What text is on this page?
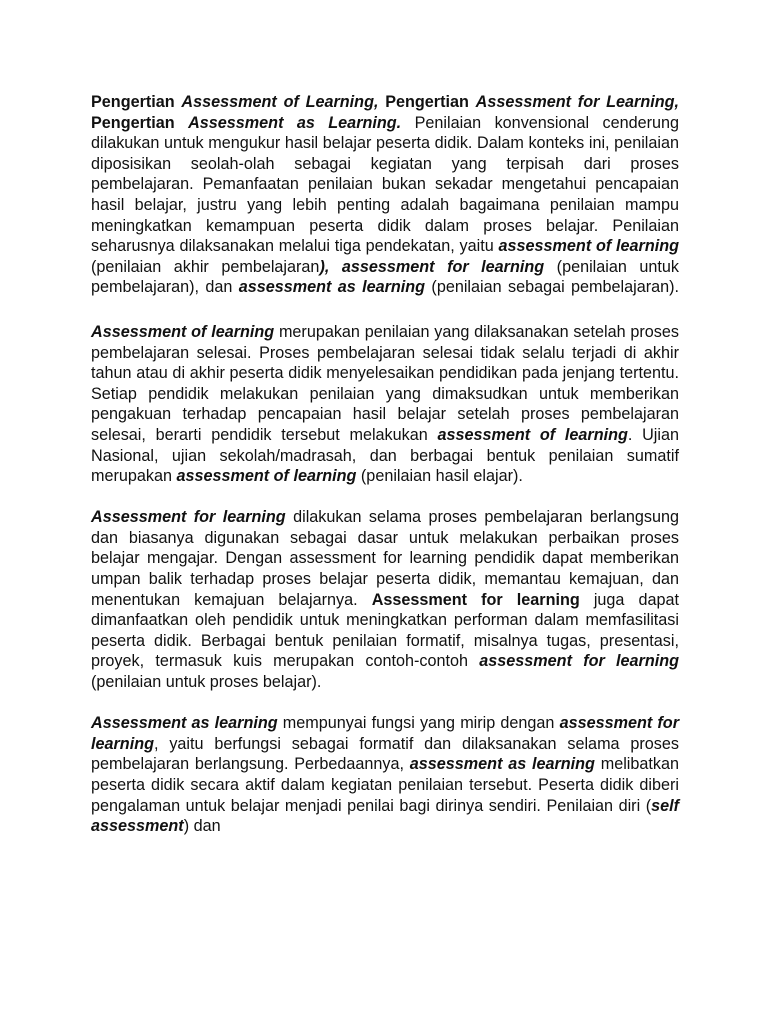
Pengertian Assessment of Learning, Pengertian Assessment for Learning, Pengertian Assessment as Learning. Penilaian konvensional cenderung dilakukan untuk mengukur hasil belajar peserta didik. Dalam konteks ini, penilaian diposisikan seolah-olah sebagai kegiatan yang terpisah dari proses pembelajaran. Pemanfaatan penilaian bukan sekadar mengetahui pencapaian hasil belajar, justru yang lebih penting adalah bagaimana penilaian mampu meningkatkan kemampuan peserta didik dalam proses belajar. Penilaian seharusnya dilaksanakan melalui tiga pendekatan, yaitu assessment of learning (penilaian akhir pembelajaran), assessment for learning (penilaian untuk pembelajaran), dan assessment as learning (penilaian sebagai pembelajaran).

Assessment of learning merupakan penilaian yang dilaksanakan setelah proses pembelajaran selesai. Proses pembelajaran selesai tidak selalu terjadi di akhir tahun atau di akhir peserta didik menyelesaikan pendidikan pada jenjang tertentu. Setiap pendidik melakukan penilaian yang dimaksudkan untuk memberikan pengakuan terhadap pencapaian hasil belajar setelah proses pembelajaran selesai, berarti pendidik tersebut melakukan assessment of learning. Ujian Nasional, ujian sekolah/madrasah, dan berbagai bentuk penilaian sumatif merupakan assessment of learning (penilaian hasil elajar).

Assessment for learning dilakukan selama proses pembelajaran berlangsung dan biasanya digunakan sebagai dasar untuk melakukan perbaikan proses belajar mengajar. Dengan assessment for learning pendidik dapat memberikan umpan balik terhadap proses belajar peserta didik, memantau kemajuan, dan menentukan kemajuan belajarnya. Assessment for learning juga dapat dimanfaatkan oleh pendidik untuk meningkatkan performan dalam memfasilitasi peserta didik. Berbagai bentuk penilaian formatif, misalnya tugas, presentasi, proyek, termasuk kuis merupakan contoh-contoh assessment for learning (penilaian untuk proses belajar).

Assessment as learning mempunyai fungsi yang mirip dengan assessment for learning, yaitu berfungsi sebagai formatif dan dilaksanakan selama proses pembelajaran berlangsung. Perbedaannya, assessment as learning melibatkan peserta didik secara aktif dalam kegiatan penilaian tersebut. Peserta didik diberi pengalaman untuk belajar menjadi penilai bagi dirinya sendiri. Penilaian diri (self assessment) dan
